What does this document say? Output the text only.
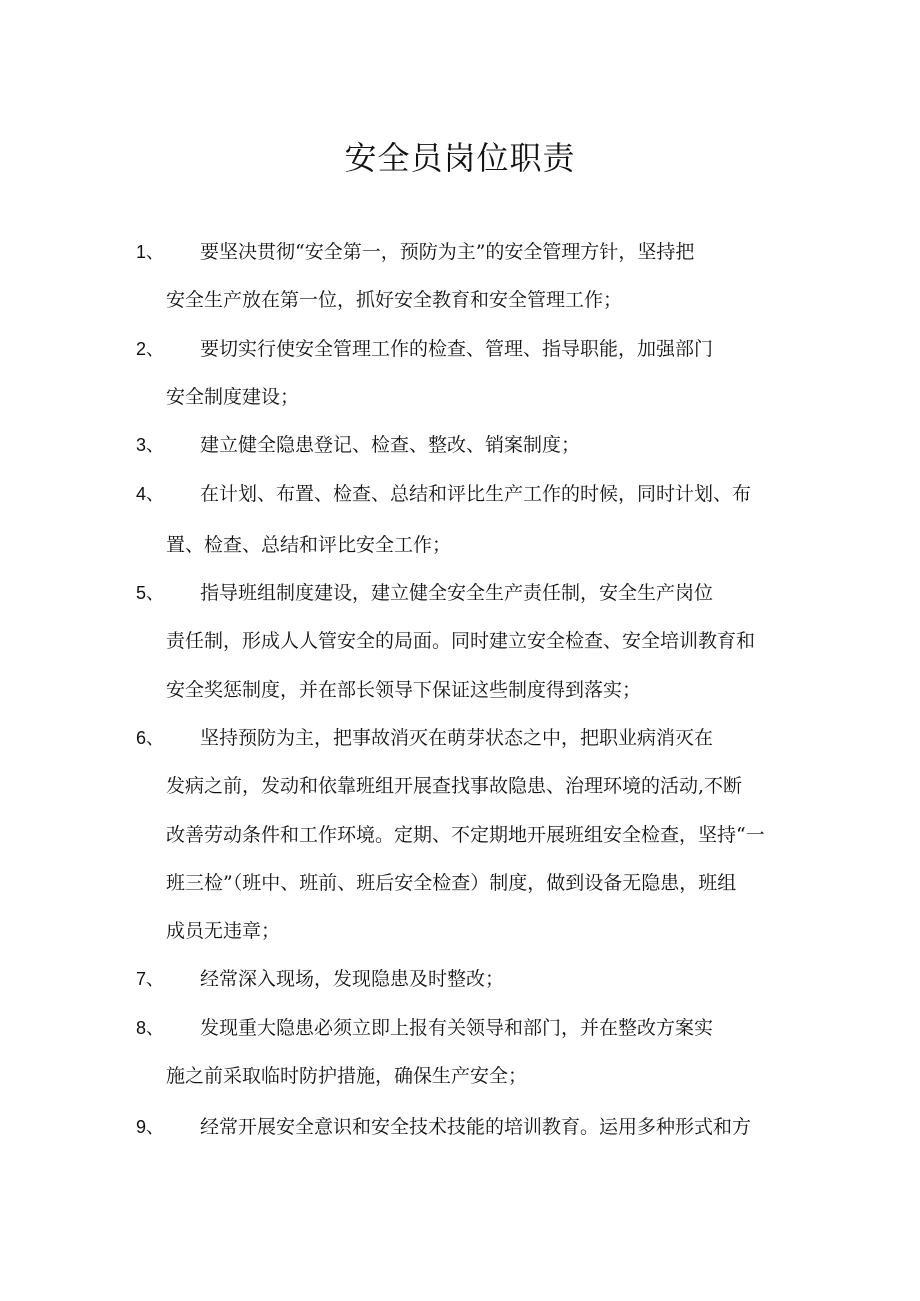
安全员岗位职责
1、 要坚决贯彻“安全第一，预防为主”的安全管理方针，坚持把
安全生产放在第一位，抓好安全教育和安全管理工作；
2、 要切实行使安全管理工作的检查、管理、指导职能，加强部门
安全制度建设；
3、 建立健全隐患登记、检查、整改、销案制度；
4、 在计划、布置、检查、总结和评比生产工作的时候，同时计划、布
置、检查、总结和评比安全工作；
5、 指导班组制度建设，建立健全安全生产责任制，安全生产岗位
责任制，形成人人管安全的局面。同时建立安全检查、安全培训教育和
安全奖惩制度，并在部长领导下保证这些制度得到落实；
6、 坚持预防为主，把事故消灭在萌芽状态之中，把职业病消灭在
发病之前，发动和依靠班组开展查找事故隐患、治理环境的活动,不断
改善劳动条件和工作环境。定期、不定期地开展班组安全检查，坚持“一
班三检”（班中、班前、班后安全检查）制度，做到设备无隐患，班组
成员无违章；
7、 经常深入现场，发现隐患及时整改；
8、 发现重大隐患必须立即上报有关领导和部门，并在整改方案实
施之前采取临时防护措施，确保生产安全；
9、 经常开展安全意识和安全技术技能的培训教育。运用多种形式和方
